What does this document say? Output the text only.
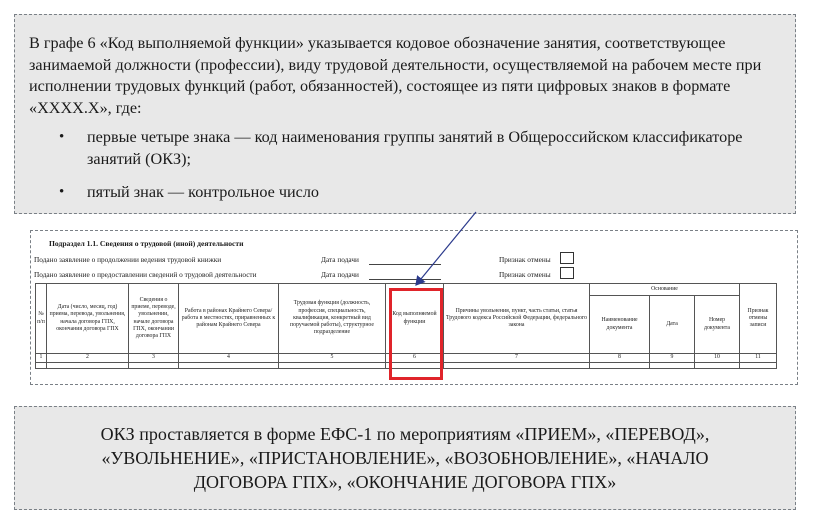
В графе 6 «Код выполняемой функции» указывается кодовое обозначение занятия, соответствующее занимаемой должности (профессии), виду трудовой деятельности, осуществляемой на рабочем месте при исполнении трудовых функций (работ, обязанностей), состоящее из пяти цифровых знаков в формате «XXXX.X», где:

• первые четыре знака — код наименования группы занятий в Общероссийском классификаторе занятий (ОКЗ);
• пятый знак — контрольное число
Подраздел 1.1. Сведения о трудовой (иной) деятельности
Подано заявление о продолжении ведения трудовой книжки	Дата подачи	Признак отмены
Подано заявление о предоставлении сведений о трудовой деятельности	Дата подачи	Признак отмены
№ п/п	Дата (число, месяц, год) приема, перевода, увольнения, начала договора ГПХ, окончания договора ГПХ	Сведения о приеме, переводе, увольнении, начале договора ГПХ, окончании договора ГПХ	Работа в районах Крайнего Севера/работа в местностях, приравненных к районам Крайнего Севера	Трудовая функция (должность, профессия, специальность, квалификация, конкретный вид поручаемой работы), структурное подразделение	Код выполняемой функции	Причины увольнения, пункт, часть статьи, статья Трудового кодекса Российской Федерации, федерального закона	Основание			Признак отмены записи
							Наименование документа	Дата	Номер документа	
1	2	3	4	5	6	7	8	9	10	11

ОКЗ проставляется в форме ЕФС-1 по мероприятиям «ПРИЕМ», «ПЕРЕВОД», «УВОЛЬНЕНИЕ», «ПРИСТАНОВЛЕНИЕ», «ВОЗОБНОВЛЕНИЕ», «НАЧАЛО ДОГОВОРА ГПХ», «ОКОНЧАНИЕ ДОГОВОРА ГПХ»
